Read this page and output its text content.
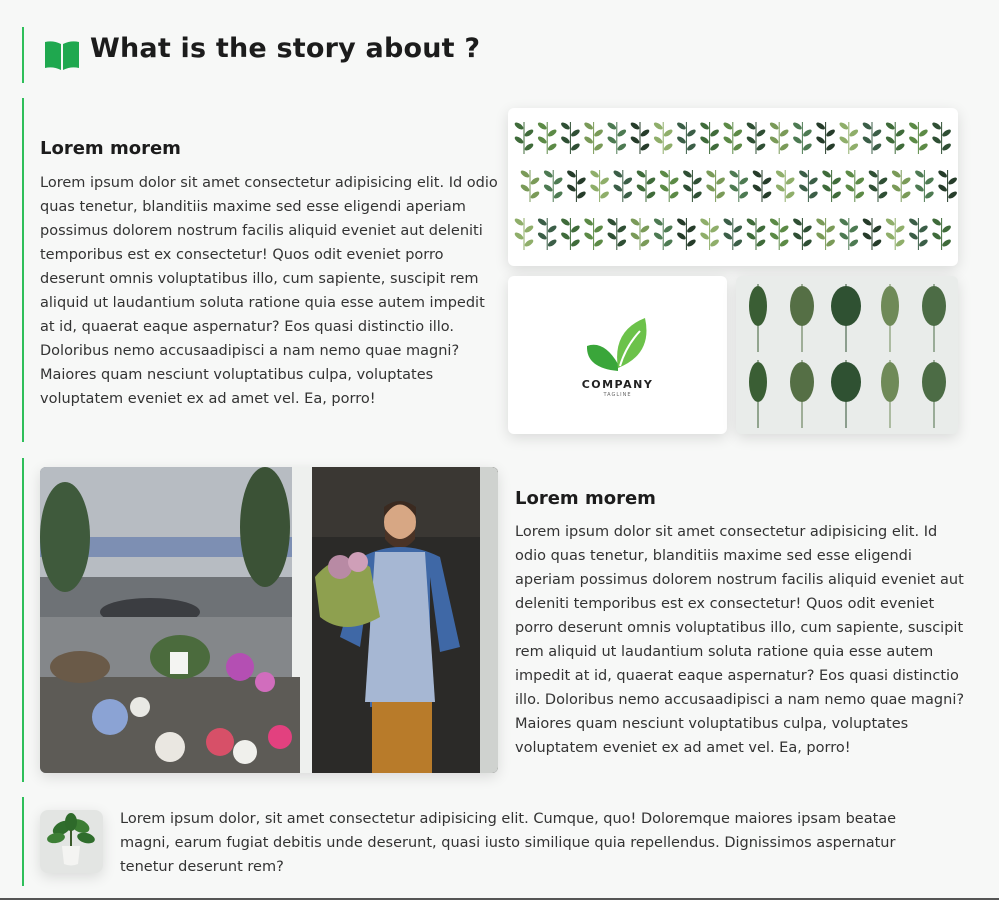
What is the story about ?
Lorem morem

Lorem ipsum dolor sit amet consectetur adipisicing elit. Id odio quas tenetur, blanditiis maxime sed esse eligendi aperiam possimus dolorem nostrum facilis aliquid eveniet aut deleniti temporibus est ex consectetur! Quos odit eveniet porro deserunt omnis voluptatibus illo, cum sapiente, suscipit rem aliquid ut laudantium soluta ratione quia esse autem impedit at id, quaerat eaque aspernatur? Eos quasi distinctio illo. Doloribus nemo accusaadipisci a nam nemo quae magni? Maiores quam nesciunt voluptatibus culpa, voluptates voluptatem eveniet ex ad amet vel. Ea, porro!

COMPANY
TAGLINE
Lorem morem

Lorem ipsum dolor sit amet consectetur adipisicing elit. Id odio quas tenetur, blanditiis maxime sed esse eligendi aperiam possimus dolorem nostrum facilis aliquid eveniet aut deleniti temporibus est ex consectetur! Quos odit eveniet porro deserunt omnis voluptatibus illo, cum sapiente, suscipit rem aliquid ut laudantium soluta ratione quia esse autem impedit at id, quaerat eaque aspernatur? Eos quasi distinctio illo. Doloribus nemo accusaadipisci a nam nemo quae magni? Maiores quam nesciunt voluptatibus culpa, voluptates voluptatem eveniet ex ad amet vel. Ea, porro!

Lorem ipsum dolor, sit amet consectetur adipisicing elit. Cumque, quo! Doloremque maiores ipsam beatae magni, earum fugiat debitis unde deserunt, quasi iusto similique quia repellendus. Dignissimos aspernatur tenetur deserunt rem?
